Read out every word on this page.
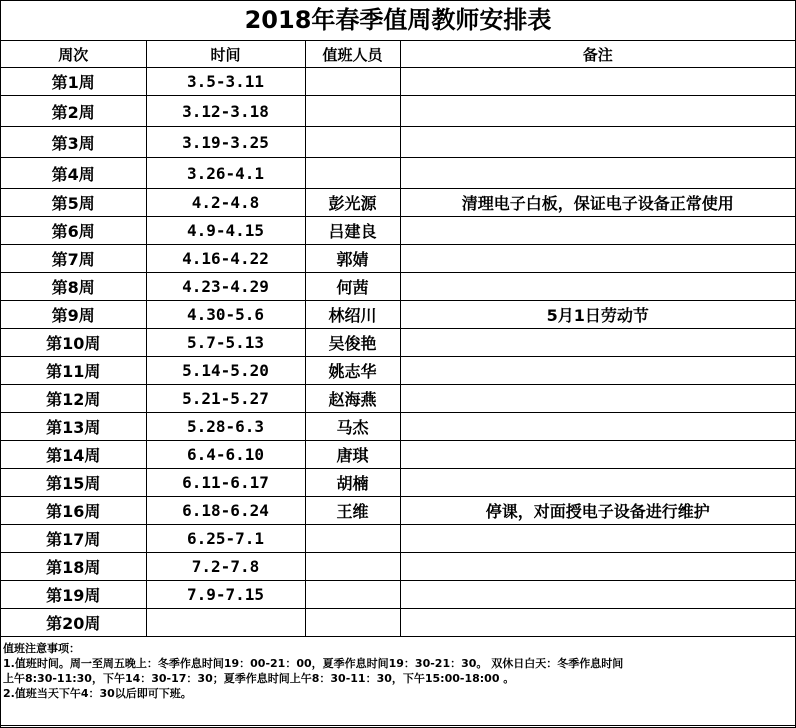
2018年春季值周教师安排表
周次	时间	值班人员	备注
第1周	3.5-3.11		
第2周	3.12-3.18		
第3周	3.19-3.25		
第4周	3.26-4.1		
第5周	4.2-4.8	彭光源	清理电子白板，保证电子设备正常使用
第6周	4.9-4.15	吕建良	
第7周	4.16-4.22	郭婧	
第8周	4.23-4.29	何茜	
第9周	4.30-5.6	林绍川	5月1日劳动节
第10周	5.7-5.13	吴俊艳	
第11周	5.14-5.20	姚志华	
第12周	5.21-5.27	赵海燕	
第13周	5.28-6.3	马杰	
第14周	6.4-6.10	唐琪	
第15周	6.11-6.17	胡楠	
第16周	6.18-6.24	王维	停课，对面授电子设备进行维护
第17周	6.25-7.1		
第18周	7.2-7.8		
第19周	7.9-7.15		
第20周			

值班注意事项：
1.值班时间。周一至周五晚上：冬季作息时间19：00-21：00，夏季作息时间19：30-21：30。 双休日白天：冬季作息时间
上午8:30-11:30，下午14：30-17：30；夏季作息时间上午8：30-11：30，下午15:00-18:00 。
2.值班当天下午4：30以后即可下班。			
